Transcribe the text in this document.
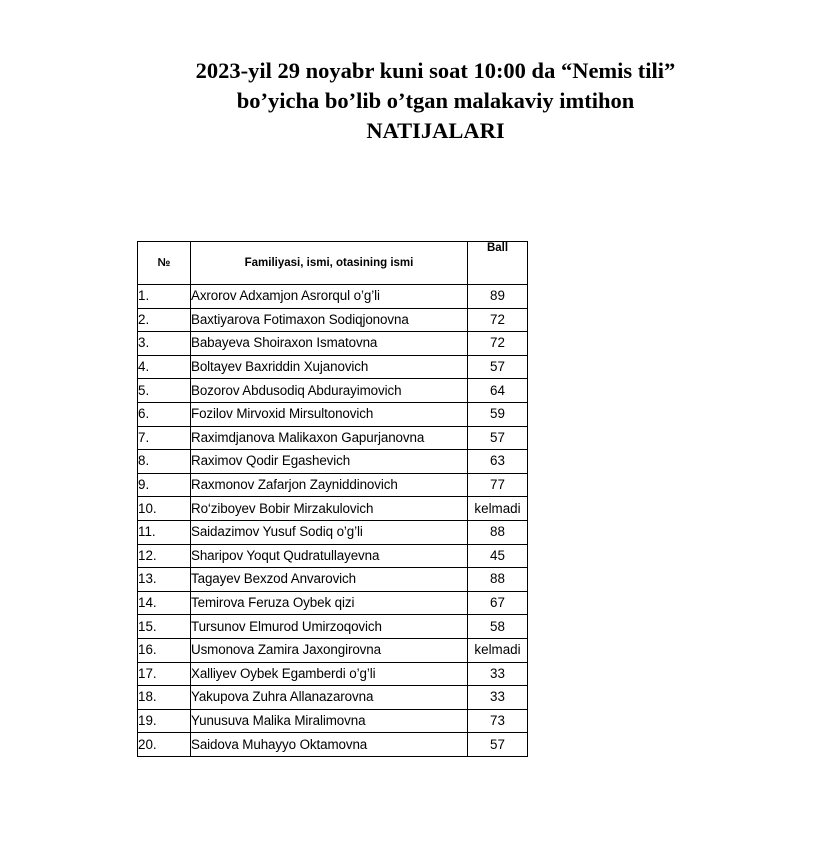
2023-yil 29 noyabr kuni soat 10:00 da “Nemis tili”
bo’yicha bo’lib o’tgan malakaviy imtihon
NATIJALARI
№	Familiyasi, ismi, otasining ismi	Ball
1.	Axrorov Adxamjon Asrorqul o’g’li	89
2.	Baxtiyarova Fotimaxon Sodiqjonovna	72
3.	Babayeva Shoiraxon Ismatovna	72
4.	Boltayev Baxriddin Xujanovich	57
5.	Bozorov Abdusodiq Abdurayimovich	64
6.	Fozilov Mirvoxid Mirsultonovich	59
7.	Raximdjanova Malikaxon Gapurjanovna	57
8.	Raximov Qodir Egashevich	63
9.	Raxmonov Zafarjon Zayniddinovich	77
10.	Ro‘ziboyev Bobir Mirzakulovich	kelmadi
11.	Saidazimov Yusuf Sodiq o’g’li	88
12.	Sharipov Yoqut Qudratullayevna	45
13.	Tagayev Bexzod Anvarovich	88
14.	Temirova Feruza Oybek qizi	67
15.	Tursunov Elmurod Umirzoqovich	58
16.	Usmonova Zamira Jaxongirovna	kelmadi
17.	Xalliyev Oybek Egamberdi o’g’li	33
18.	Yakupova Zuhra Allanazarovna	33
19.	Yunusuva Malika Miralimovna	73
20.	Saidova Muhayyo Oktamovna	57
